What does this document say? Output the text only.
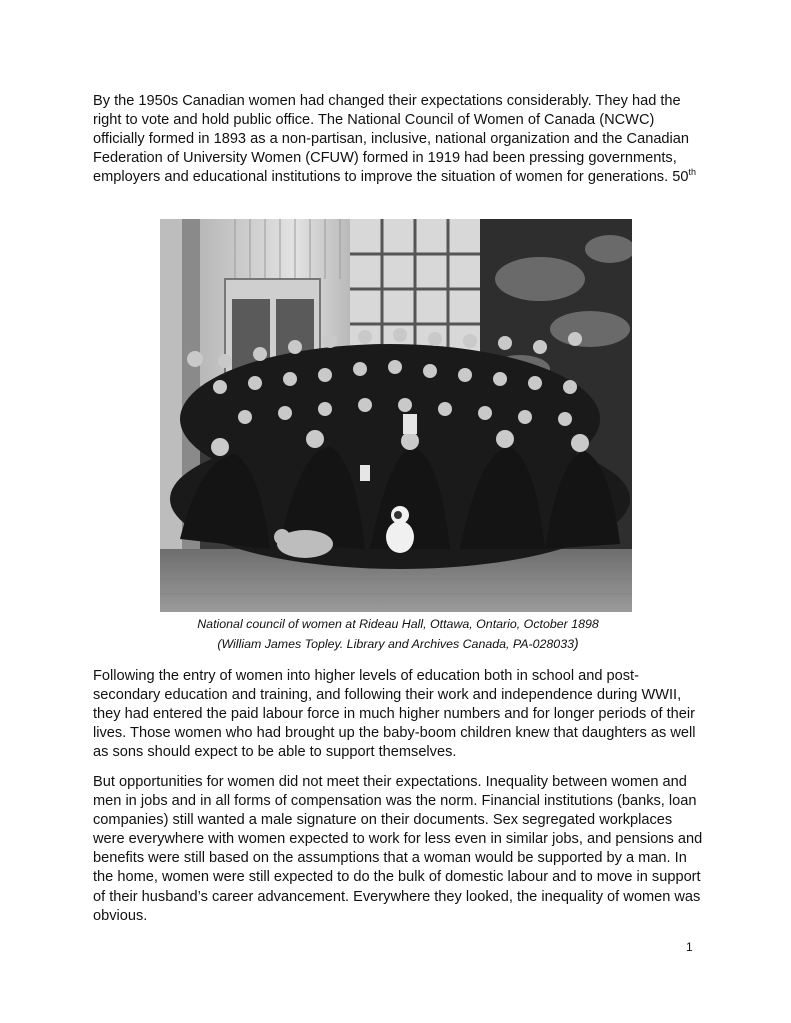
By the 1950s Canadian women had changed their expectations considerably. They had the right to vote and hold public office. The National Council of Women of Canada (NCWC) officially formed in 1893 as a non-partisan, inclusive, national organization and the Canadian Federation of University Women (CFUW) formed in 1919 had been pressing governments, employers and educational institutions to improve the situation of women for generations. 50th

National council of women at Rideau Hall, Ottawa, Ontario, October 1898
(William James Topley. Library and Archives Canada, PA-028033)

Following the entry of women into higher levels of education both in school and post-secondary education and training, and following their work and independence during WWII, they had entered the paid labour force in much higher numbers and for longer periods of their lives. Those women who had brought up the baby-boom children knew that daughters as well as sons should expect to be able to support themselves.

But opportunities for women did not meet their expectations. Inequality between women and men in jobs and in all forms of compensation was the norm. Financial institutions (banks, loan companies) still wanted a male signature on their documents. Sex segregated workplaces were everywhere with women expected to work for less even in similar jobs, and pensions and benefits were still based on the assumptions that a woman would be supported by a man. In the home, women were still expected to do the bulk of domestic labour and to move in support of their husband’s career advancement. Everywhere they looked, the inequality of women was obvious.

1
